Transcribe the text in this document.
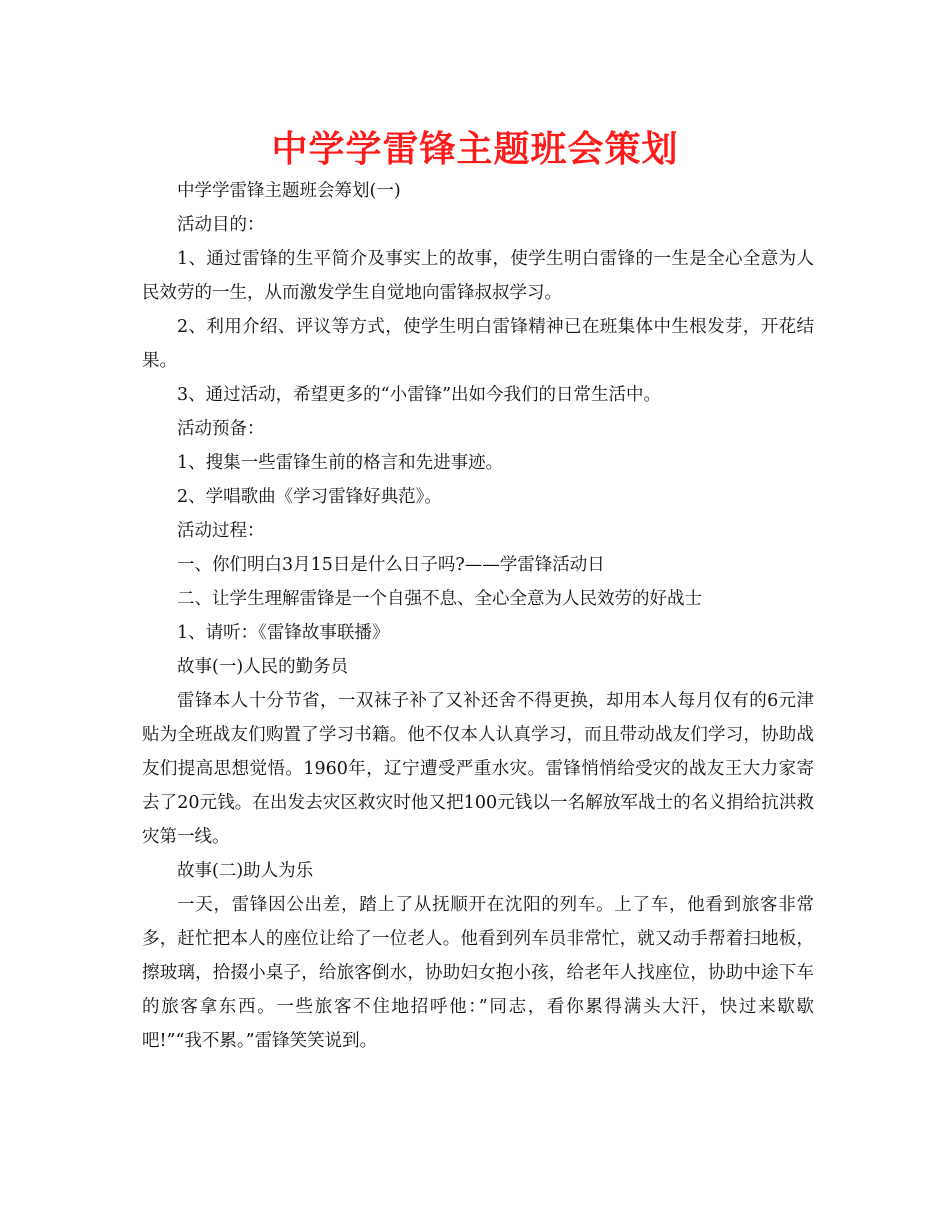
中学学雷锋主题班会策划

中学学雷锋主题班会筹划(一)

活动目的：

1、通过雷锋的生平简介及事实上的故事，使学生明白雷锋的一生是全心全意为人民效劳的一生，从而激发学生自觉地向雷锋叔叔学习。

2、利用介绍、评议等方式，使学生明白雷锋精神已在班集体中生根发芽，开花结果。

3、通过活动，希望更多的“小雷锋”出如今我们的日常生活中。

活动预备：

1、搜集一些雷锋生前的格言和先进事迹。

2、学唱歌曲《学习雷锋好典范》。

活动过程：

一、你们明白3月15日是什么日子吗?——学雷锋活动日

二、让学生理解雷锋是一个自强不息、全心全意为人民效劳的好战士

1、请听：《雷锋故事联播》

故事(一)人民的勤务员

雷锋本人十分节省，一双袜子补了又补还舍不得更换，却用本人每月仅有的6元津贴为全班战友们购置了学习书籍。他不仅本人认真学习，而且带动战友们学习，协助战友们提高思想觉悟。1960年，辽宁遭受严重水灾。雷锋悄悄给受灾的战友王大力家寄去了20元钱。在出发去灾区救灾时他又把100元钱以一名解放军战士的名义捐给抗洪救灾第一线。

故事(二)助人为乐

一天，雷锋因公出差，踏上了从抚顺开在沈阳的列车。上了车，他看到旅客非常多，赶忙把本人的座位让给了一位老人。他看到列车员非常忙，就又动手帮着扫地板，擦玻璃，拾掇小桌子，给旅客倒水，协助妇女抱小孩，给老年人找座位，协助中途下车的旅客拿东西。一些旅客不住地招呼他：”同志，看你累得满头大汗，快过来歇歇吧!”“我不累。”雷锋笑笑说到。
